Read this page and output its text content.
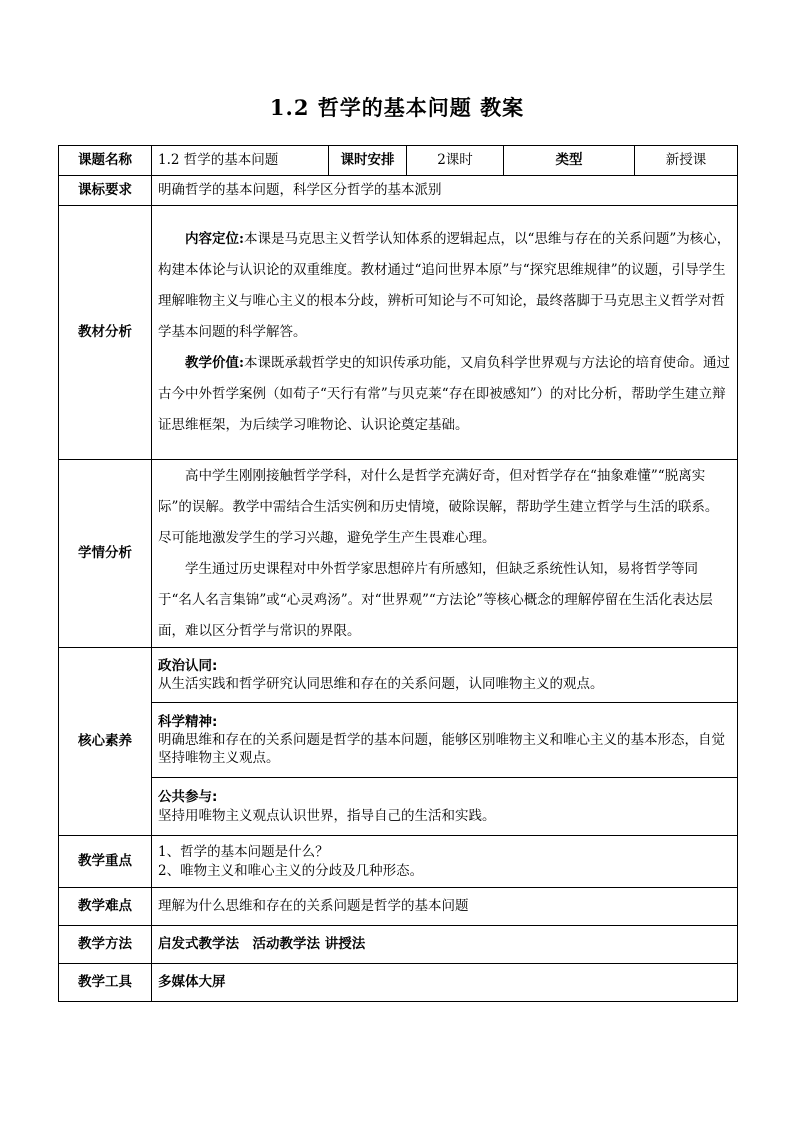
1.2 哲学的基本问题 教案
课题名称	1.2 哲学的基本问题	课时安排	2课时	类型	新授课
课标要求	明确哲学的基本问题，科学区分哲学的基本派别				
教材分析	内容定位:本课是马克思主义哲学认知体系的逻辑起点，以“思维与存在的关系问题”为核心，构建本体论与认识论的双重维度。教材通过“追问世界本原”与“探究思维规律”的议题，引导学生理解唯物主义与唯心主义的根本分歧，辨析可知论与不可知论，最终落脚于马克思主义哲学对哲学基本问题的科学解答。

教学价值:本课既承载哲学史的知识传承功能，又肩负科学世界观与方法论的培育使命。通过古今中外哲学案例（如荀子“天行有常”与贝克莱“存在即被感知”）的对比分析，帮助学生建立辩证思维框架，为后续学习唯物论、认识论奠定基础。				

学情分析	高中学生刚刚接触哲学学科，对什么是哲学充满好奇，但对哲学存在“抽象难懂”“脱离实际”的误解。教学中需结合生活实例和历史情境，破除误解，帮助学生建立哲学与生活的联系。尽可能地激发学生的学习兴趣，避免学生产生畏难心理。

学生通过历史课程对中外哲学家思想碎片有所感知，但缺乏系统性认知，易将哲学等同于“名人名言集锦”或“心灵鸡汤”。对“世界观”“方法论”等核心概念的理解停留在生活化表达层面，难以区分哲学与常识的界限。				

核心素养	政治认同:
从生活实践和哲学研究认同思维和存在的关系问题，认同唯物主义的观点。				

	科学精神:
明确思维和存在的关系问题是哲学的基本问题，能够区别唯物主义和唯心主义的基本形态，自觉坚持唯物主义观点。				

	公共参与:
坚持用唯物主义观点认识世界，指导自己的生活和实践。				

教学重点	1、哲学的基本问题是什么？
2、唯物主义和唯心主义的分歧及几种形态。				

教学难点	理解为什么思维和存在的关系问题是哲学的基本问题				
教学方法	启发式教学法　活动教学法 讲授法				
教学工具	多媒体大屏				
